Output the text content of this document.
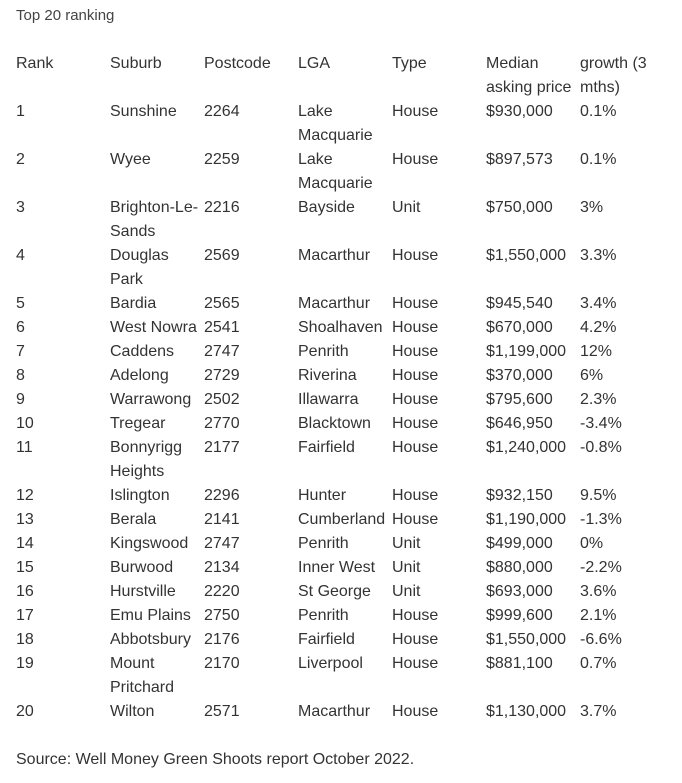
Top 20 ranking
Rank	Suburb	Postcode	LGA	Type	Median asking price	growth (3 mths)
1	Sunshine	2264	Lake Macquarie	House	$930,000	0.1%
2	Wyee	2259	Lake Macquarie	House	$897,573	0.1%
3	Brighton-Le-Sands	2216	Bayside	Unit	$750,000	3%
4	Douglas Park	2569	Macarthur	House	$1,550,000	3.3%
5	Bardia	2565	Macarthur	House	$945,540	3.4%
6	West Nowra	2541	Shoalhaven	House	$670,000	4.2%
7	Caddens	2747	Penrith	House	$1,199,000	12%
8	Adelong	2729	Riverina	House	$370,000	6%
9	Warrawong	2502	Illawarra	House	$795,600	2.3%
10	Tregear	2770	Blacktown	House	$646,950	-3.4%
11	Bonnyrigg Heights	2177	Fairfield	House	$1,240,000	-0.8%
12	Islington	2296	Hunter	House	$932,150	9.5%
13	Berala	2141	Cumberland	House	$1,190,000	-1.3%
14	Kingswood	2747	Penrith	Unit	$499,000	0%
15	Burwood	2134	Inner West	Unit	$880,000	-2.2%
16	Hurstville	2220	St George	Unit	$693,000	3.6%
17	Emu Plains	2750	Penrith	House	$999,600	2.1%
18	Abbotsbury	2176	Fairfield	House	$1,550,000	-6.6%
19	Mount Pritchard	2170	Liverpool	House	$881,100	0.7%
20	Wilton	2571	Macarthur	House	$1,130,000	3.7%
Source: Well Money Green Shoots report October 2022.
